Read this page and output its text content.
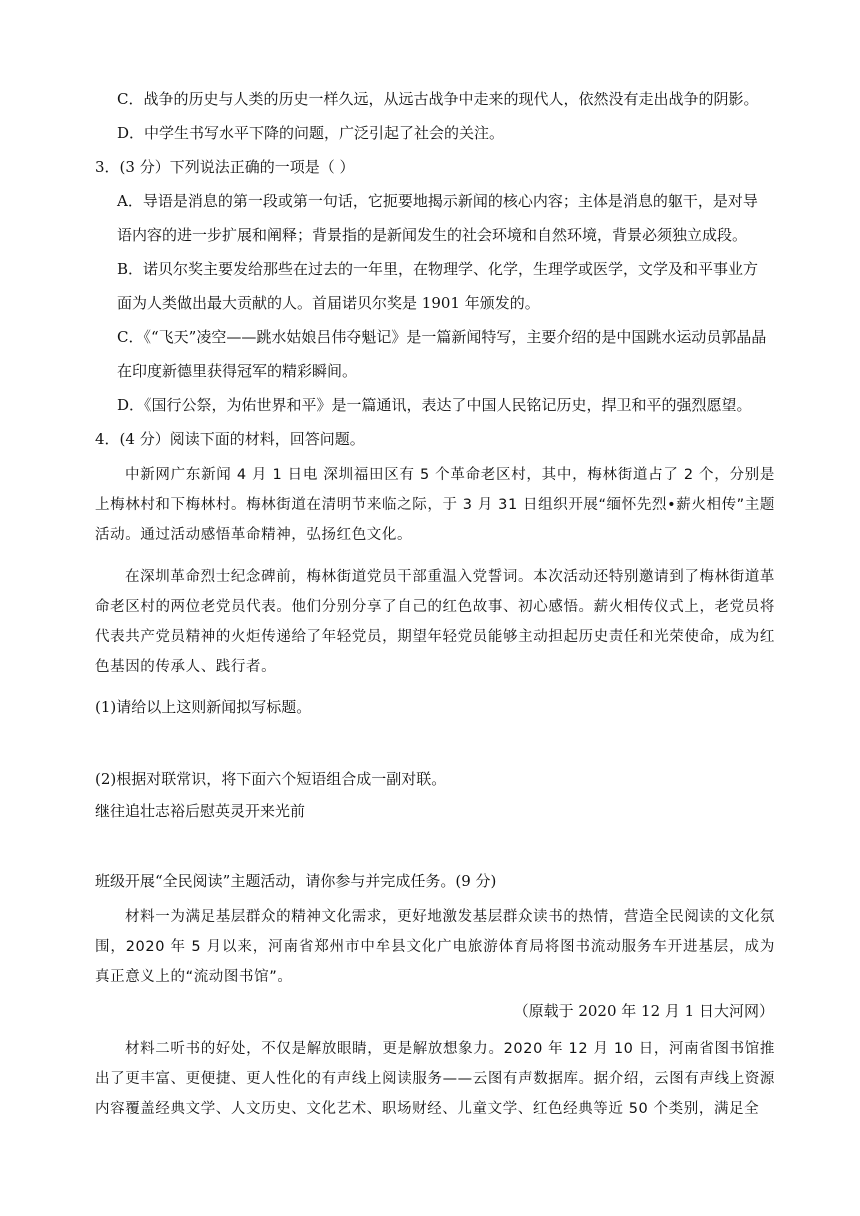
C．战争的历史与人类的历史一样久远，从远古战争中走来的现代人，依然没有走出战争的阴影。
D．中学生书写水平下降的问题，广泛引起了社会的关注。
3．(3 分）下列说法正确的一项是（ ）
A．导语是消息的第一段或第一句话，它扼要地揭示新闻的核心内容；主体是消息的躯干，是对导
语内容的进一步扩展和阐释；背景指的是新闻发生的社会环境和自然环境，背景必须独立成段。
B．诺贝尔奖主要发给那些在过去的一年里，在物理学、化学，生理学或医学，文学及和平事业方
面为人类做出最大贡献的人。首届诺贝尔奖是 1901 年颁发的。
C．《“飞天”凌空——跳水姑娘吕伟夺魁记》是一篇新闻特写，主要介绍的是中国跳水运动员郭晶晶
在印度新德里获得冠军的精彩瞬间。
D．《国行公祭，为佑世界和平》是一篇通讯，表达了中国人民铭记历史，捍卫和平的强烈愿望。
4．(4 分）阅读下面的材料，回答问题。
中新网广东新闻 4 月 1 日电 深圳福田区有 5 个革命老区村，其中，梅林街道占了 2 个，分别是上梅林村和下梅林村。梅林街道在清明节来临之际，于 3 月 31 日组织开展“缅怀先烈•薪火相传”主题活动。通过活动感悟革命精神，弘扬红色文化。
在深圳革命烈士纪念碑前，梅林街道党员干部重温入党誓词。本次活动还特别邀请到了梅林街道革命老区村的两位老党员代表。他们分别分享了自己的红色故事、初心感悟。薪火相传仪式上，老党员将代表共产党员精神的火炬传递给了年轻党员，期望年轻党员能够主动担起历史责任和光荣使命，成为红色基因的传承人、践行者。
(1)请给以上这则新闻拟写标题。
(2)根据对联常识，将下面六个短语组合成一副对联。
继往追壮志裕后慰英灵开来光前
班级开展“全民阅读”主题活动，请你参与并完成任务。(9 分)
材料一为满足基层群众的精神文化需求，更好地激发基层群众读书的热情，营造全民阅读的文化氛围，2020 年 5 月以来，河南省郑州市中牟县文化广电旅游体育局将图书流动服务车开进基层，成为真正意义上的“流动图书馆”。
（原载于 2020 年 12 月 1 日大河网）
材料二听书的好处，不仅是解放眼睛，更是解放想象力。2020 年 12 月 10 日，河南省图书馆推出了更丰富、更便捷、更人性化的有声线上阅读服务——云图有声数据库。据介绍，云图有声线上资源内容覆盖经典文学、人文历史、文化艺术、职场财经、儿童文学、红色经典等近 50 个类别，满足全
